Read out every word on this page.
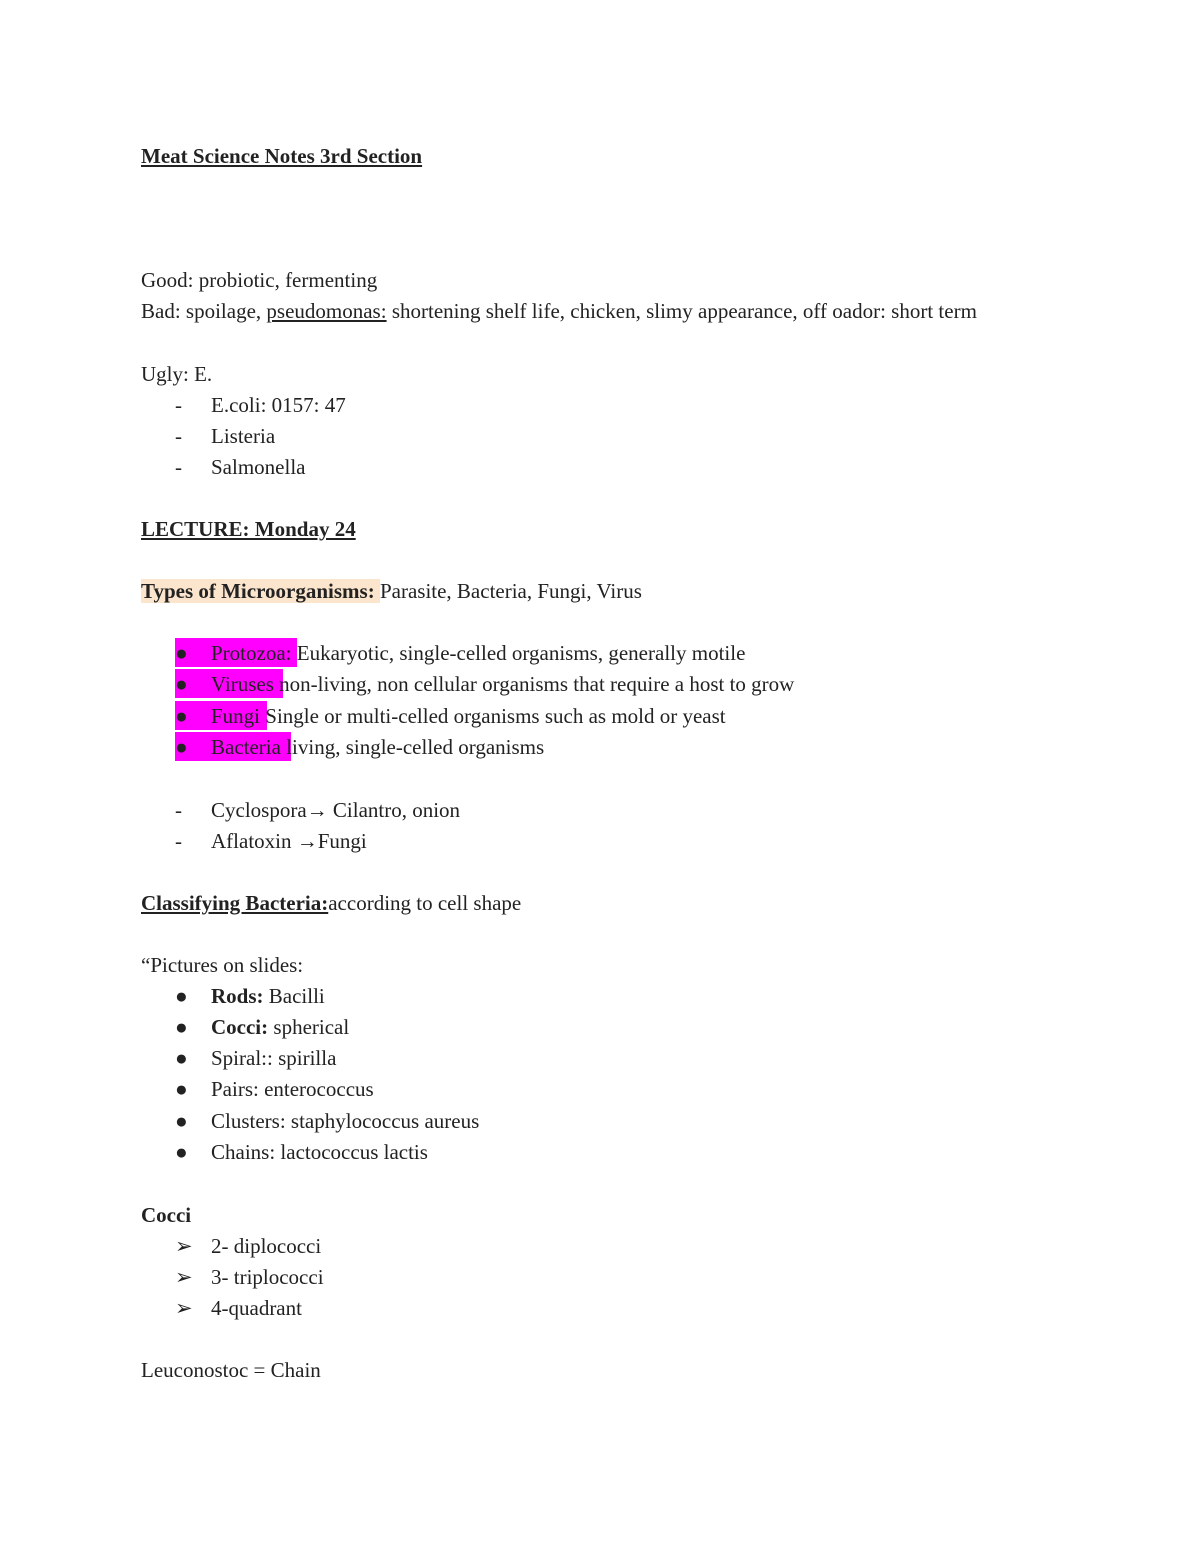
Meat Science Notes 3rd Section
Good: probiotic, fermenting
Bad: spoilage, pseudomonas: shortening shelf life, chicken, slimy appearance, off oador: short term
Ugly: E.
- E.coli: 0157: 47
- Listeria
- Salmonella
LECTURE: Monday 24
Types of Microorganisms: Parasite, Bacteria, Fungi, Virus
● Protozoa: Eukaryotic, single-celled organisms, generally motile
● Viruses non-living, non cellular organisms that require a host to grow
● Fungi Single or multi-celled organisms such as mold or yeast
● Bacteria living, single-celled organisms
- Cyclospora→ Cilantro, onion
- Aflatoxin →Fungi
Classifying Bacteria:according to cell shape
“Pictures on slides:
● Rods: Bacilli
● Cocci: spherical
● Spiral:: spirilla
● Pairs: enterococcus
● Clusters: staphylococcus aureus
● Chains: lactococcus lactis
Cocci
➢ 2- diplococci
➢ 3- triplococci
➢ 4-quadrant
Leuconostoc = Chain
